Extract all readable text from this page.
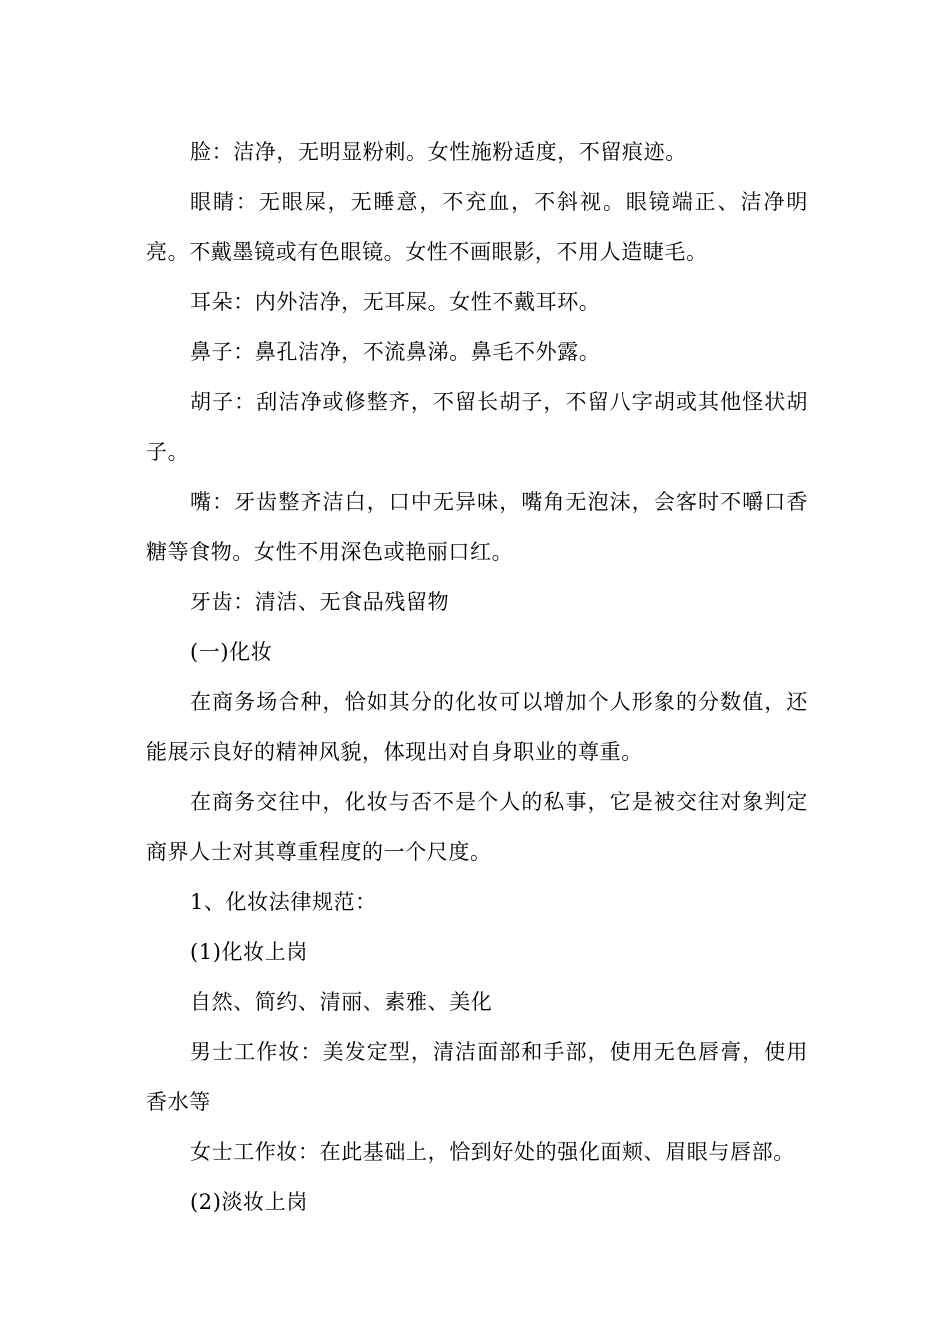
脸：洁净，无明显粉刺。女性施粉适度，不留痕迹。

眼睛：无眼屎，无睡意，不充血，不斜视。眼镜端正、洁净明亮。不戴墨镜或有色眼镜。女性不画眼影，不用人造睫毛。

耳朵：内外洁净，无耳屎。女性不戴耳环。

鼻子：鼻孔洁净，不流鼻涕。鼻毛不外露。

胡子：刮洁净或修整齐，不留长胡子，不留八字胡或其他怪状胡子。

嘴：牙齿整齐洁白，口中无异味，嘴角无泡沫，会客时不嚼口香糖等食物。女性不用深色或艳丽口红。

牙齿：清洁、无食品残留物

(一)化妆

在商务场合种，恰如其分的化妆可以增加个人形象的分数值，还能展示良好的精神风貌，体现出对自身职业的尊重。

在商务交往中，化妆与否不是个人的私事，它是被交往对象判定商界人士对其尊重程度的一个尺度。

1、化妆法律规范：

(1)化妆上岗

自然、简约、清丽、素雅、美化

男士工作妆：美发定型，清洁面部和手部，使用无色唇膏，使用香水等

女士工作妆：在此基础上，恰到好处的强化面颊、眉眼与唇部。

(2)淡妆上岗
